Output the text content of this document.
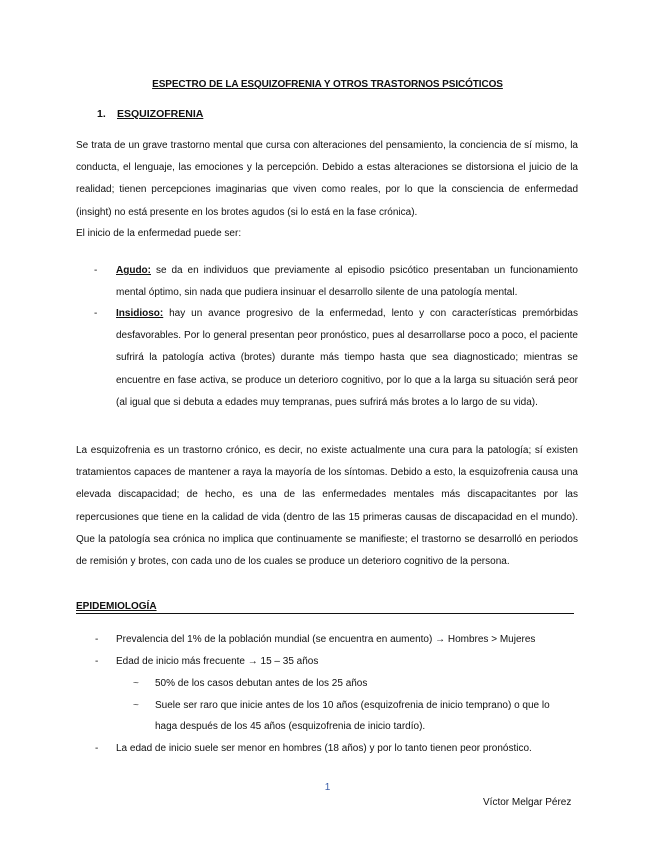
ESPECTRO DE LA ESQUIZOFRENIA Y OTROS TRASTORNOS PSICÓTICOS
1. ESQUIZOFRENIA
Se trata de un grave trastorno mental que cursa con alteraciones del pensamiento, la conciencia de sí mismo, la conducta, el lenguaje, las emociones y la percepción. Debido a estas alteraciones se distorsiona el juicio de la realidad; tienen percepciones imaginarias que viven como reales, por lo que la consciencia de enfermedad (insight) no está presente en los brotes agudos (si lo está en la fase crónica).
El inicio de la enfermedad puede ser:
- Agudo: se da en individuos que previamente al episodio psicótico presentaban un funcionamiento mental óptimo, sin nada que pudiera insinuar el desarrollo silente de una patología mental.
- Insidioso: hay un avance progresivo de la enfermedad, lento y con características premórbidas desfavorables. Por lo general presentan peor pronóstico, pues al desarrollarse poco a poco, el paciente sufrirá la patología activa (brotes) durante más tiempo hasta que sea diagnosticado; mientras se encuentre en fase activa, se produce un deterioro cognitivo, por lo que a la larga su situación será peor (al igual que si debuta a edades muy tempranas, pues sufrirá más brotes a lo largo de su vida).
La esquizofrenia es un trastorno crónico, es decir, no existe actualmente una cura para la patología; sí existen tratamientos capaces de mantener a raya la mayoría de los síntomas. Debido a esto, la esquizofrenia causa una elevada discapacidad; de hecho, es una de las enfermedades mentales más discapacitantes por las repercusiones que tiene en la calidad de vida (dentro de las 15 primeras causas de discapacidad en el mundo). Que la patología sea crónica no implica que continuamente se manifieste; el trastorno se desarrolló en periodos de remisión y brotes, con cada uno de los cuales se produce un deterioro cognitivo de la persona.
EPIDEMIOLOGÍA
- Prevalencia del 1% de la población mundial (se encuentra en aumento) → Hombres > Mujeres
- Edad de inicio más frecuente → 15 – 35 años
~ 50% de los casos debutan antes de los 25 años
~ Suele ser raro que inicie antes de los 10 años (esquizofrenia de inicio temprano) o que lo
haga después de los 45 años (esquizofrenia de inicio tardío).
- La edad de inicio suele ser menor en hombres (18 años) y por lo tanto tienen peor pronóstico.
1
Víctor Melgar Pérez
